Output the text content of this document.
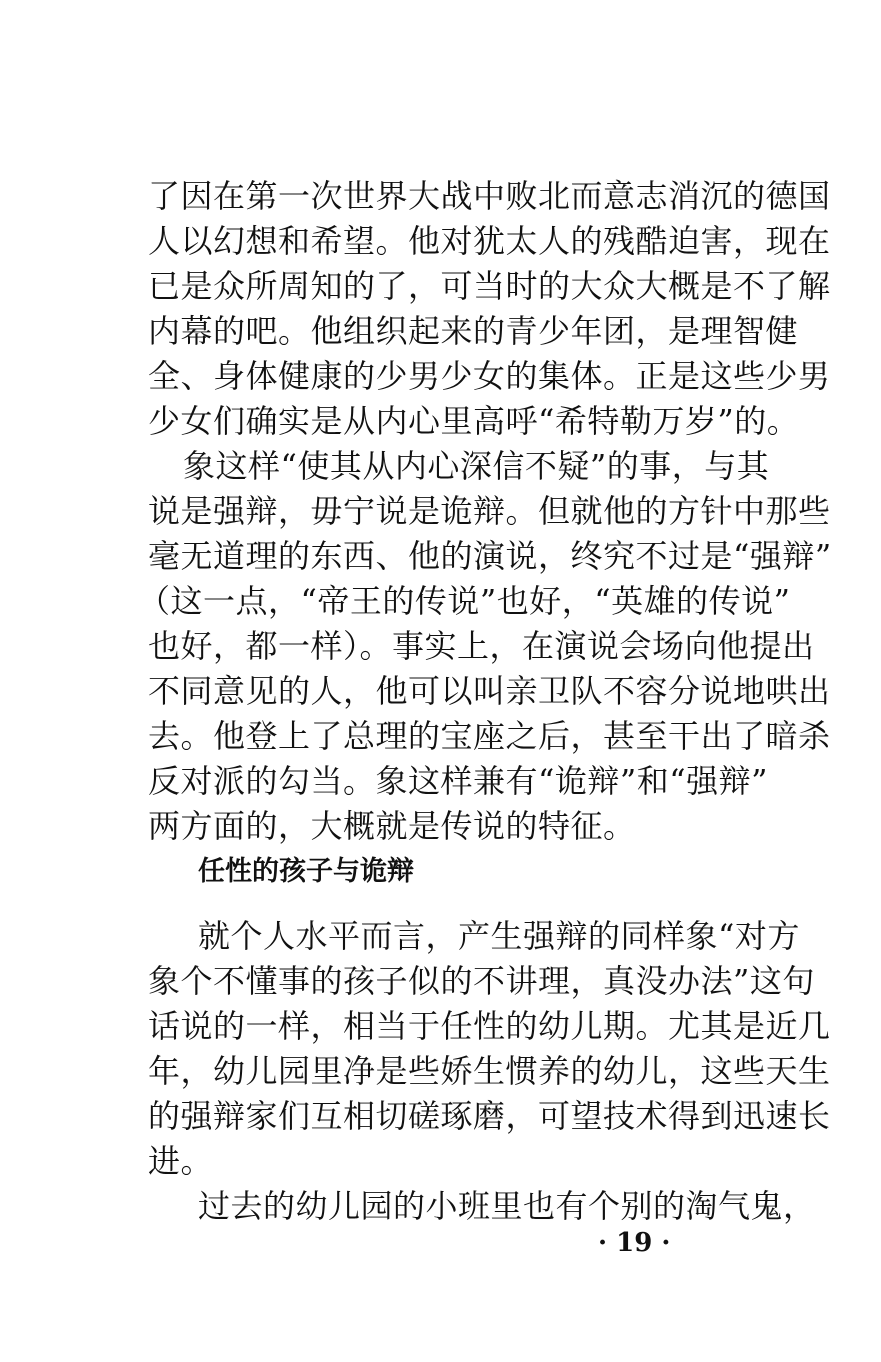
了因在第一次世界大战中败北而意志消沉的德国
人以幻想和希望。他对犹太人的残酷迫害，现在
已是众所周知的了，可当时的大众大概是不了解
内幕的吧。他组织起来的青少年团，是理智健
全、身体健康的少男少女的集体。正是这些少男
少女们确实是从内心里高呼“希特勒万岁”的。
象这样“使其从内心深信不疑”的事，与其
说是强辩，毋宁说是诡辩。但就他的方针中那些
毫无道理的东西、他的演说，终究不过是“强辩”
（这一点，“帝王的传说”也好，“英雄的传说”
也好，都一样）。事实上，在演说会场向他提出
不同意见的人，他可以叫亲卫队不容分说地哄出
去。他登上了总理的宝座之后，甚至干出了暗杀
反对派的勾当。象这样兼有“诡辩”和“强辩”
两方面的，大概就是传说的特征。
任性的孩子与诡辩
就个人水平而言，产生强辩的同样象“对方
象个不懂事的孩子似的不讲理，真没办法”这句
话说的一样，相当于任性的幼儿期。尤其是近几
年，幼儿园里净是些娇生惯养的幼儿，这些天生
的强辩家们互相切磋琢磨，可望技术得到迅速长
进。
过去的幼儿园的小班里也有个别的淘气鬼，
· 19 ·
